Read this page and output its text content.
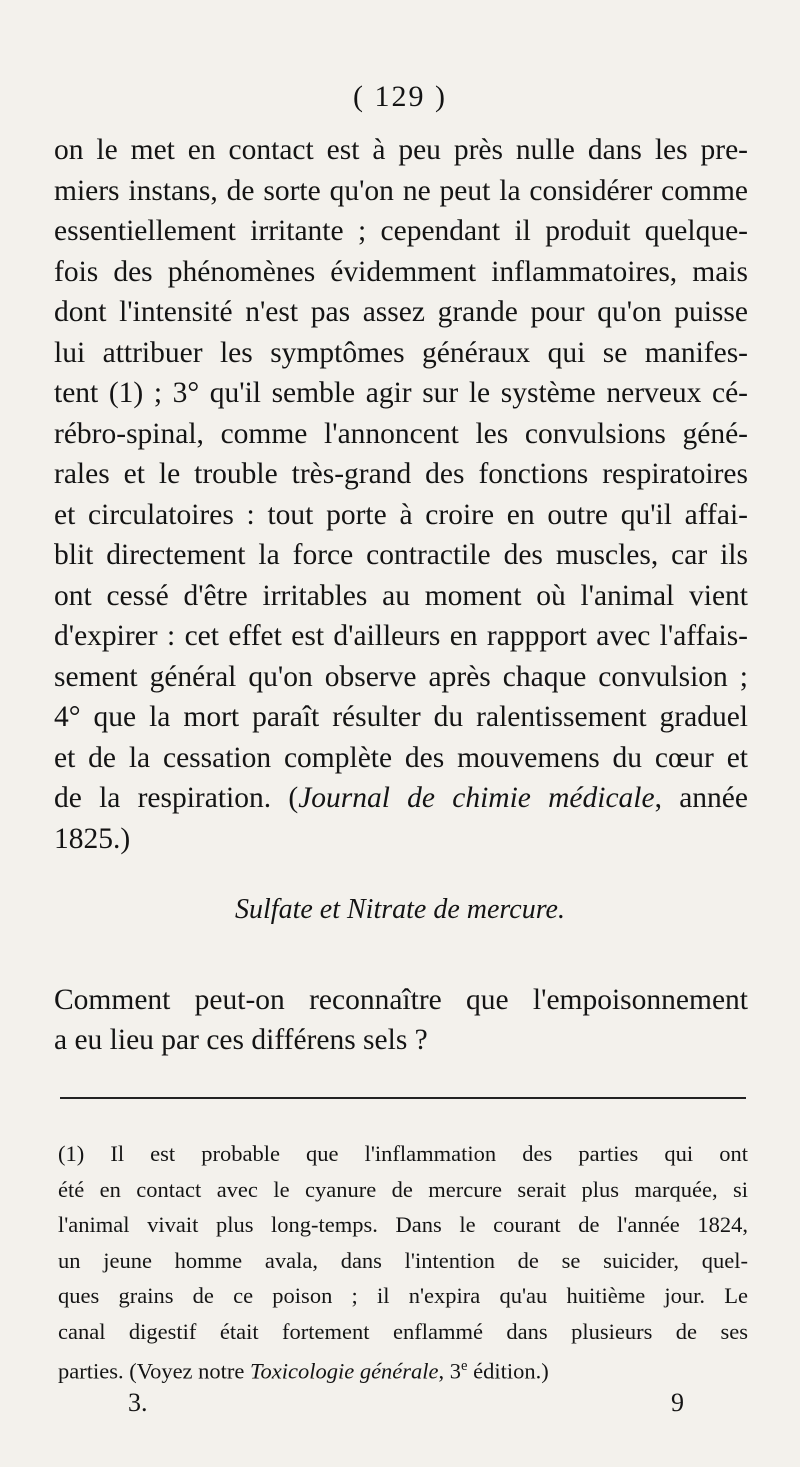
( 129 )
on le met en contact est à peu près nulle dans les pre-
miers instans, de sorte qu'on ne peut la considérer comme
essentiellement irritante ; cependant il produit quelque-
fois des phénomènes évidemment inflammatoires, mais
dont l'intensité n'est pas assez grande pour qu'on puisse
lui attribuer les symptômes généraux qui se manifes-
tent (1) ; 3° qu'il semble agir sur le système nerveux cé-
rébro-spinal, comme l'annoncent les convulsions géné-
rales et le trouble très-grand des fonctions respiratoires
et circulatoires : tout porte à croire en outre qu'il affai-
blit directement la force contractile des muscles, car ils
ont cessé d'être irritables au moment où l'animal vient
d'expirer : cet effet est d'ailleurs en rappport avec l'affais-
sement général qu'on observe après chaque convulsion ;
4° que la mort paraît résulter du ralentissement graduel
et de la cessation complète des mouvemens du cœur et
de la respiration. (Journal de chimie médicale, année
1825.)
Sulfate et Nitrate de mercure.
Comment peut-on reconnaître que l'empoisonnement
a eu lieu par ces différens sels ?
(1) Il est probable que l'inflammation des parties qui ont
été en contact avec le cyanure de mercure serait plus marquée, si
l'animal vivait plus long-temps. Dans le courant de l'année 1824,
un jeune homme avala, dans l'intention de se suicider, quel-
ques grains de ce poison ; il n'expira qu'au huitième jour. Le
canal digestif était fortement enflammé dans plusieurs de ses
parties. (Voyez notre Toxicologie générale, 3e édition.)
3.	9
